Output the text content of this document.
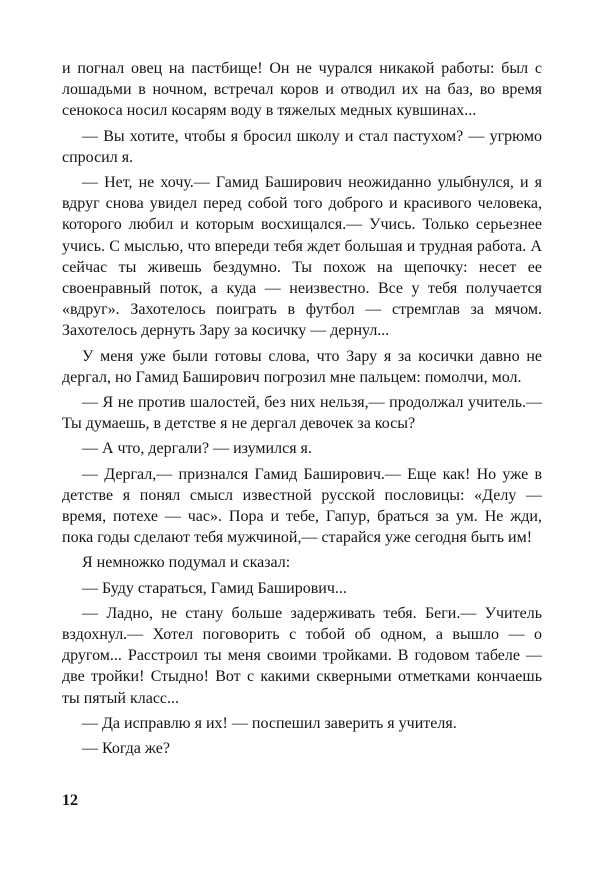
и погнал овец на пастбище! Он не чурался никакой работы: был с лошадьми в ночном, встречал коров и отводил их на баз, во время сенокоса носил косарям воду в тяжелых медных кувшинах...

— Вы хотите, чтобы я бросил школу и стал пастухом? — угрюмо спросил я.

— Нет, не хочу.— Гамид Баширович неожиданно улыбнулся, и я вдруг снова увидел перед собой того доброго и красивого человека, которого любил и которым восхищался.— Учись. Только серьезнее учись. С мыслью, что впереди тебя ждет большая и трудная работа. А сейчас ты живешь бездумно. Ты похож на щепочку: несет ее своенравный поток, а куда — неизвестно. Все у тебя получается «вдруг». Захотелось поиграть в футбол — стремглав за мячом. Захотелось дернуть Зару за косичку — дернул...

У меня уже были готовы слова, что Зару я за косички давно не дергал, но Гамид Баширович погрозил мне пальцем: помолчи, мол.

— Я не против шалостей, без них нельзя,— продолжал учитель.— Ты думаешь, в детстве я не дергал девочек за косы?

— А что, дергали? — изумился я.

— Дергал,— признался Гамид Баширович.— Еще как! Но уже в детстве я понял смысл известной русской пословицы: «Делу — время, потехе — час». Пора и тебе, Гапур, браться за ум. Не жди, пока годы сделают тебя мужчиной,— старайся уже сегодня быть им!

Я немножко подумал и сказал:

— Буду стараться, Гамид Баширович...

— Ладно, не стану больше задерживать тебя. Беги.— Учитель вздохнул.— Хотел поговорить с тобой об одном, а вышло — о другом... Расстроил ты меня своими тройками. В годовом табеле — две тройки! Стыдно! Вот с какими скверными отметками кончаешь ты пятый класс...

— Да исправлю я их! — поспешил заверить я учителя.

— Когда же?

12
